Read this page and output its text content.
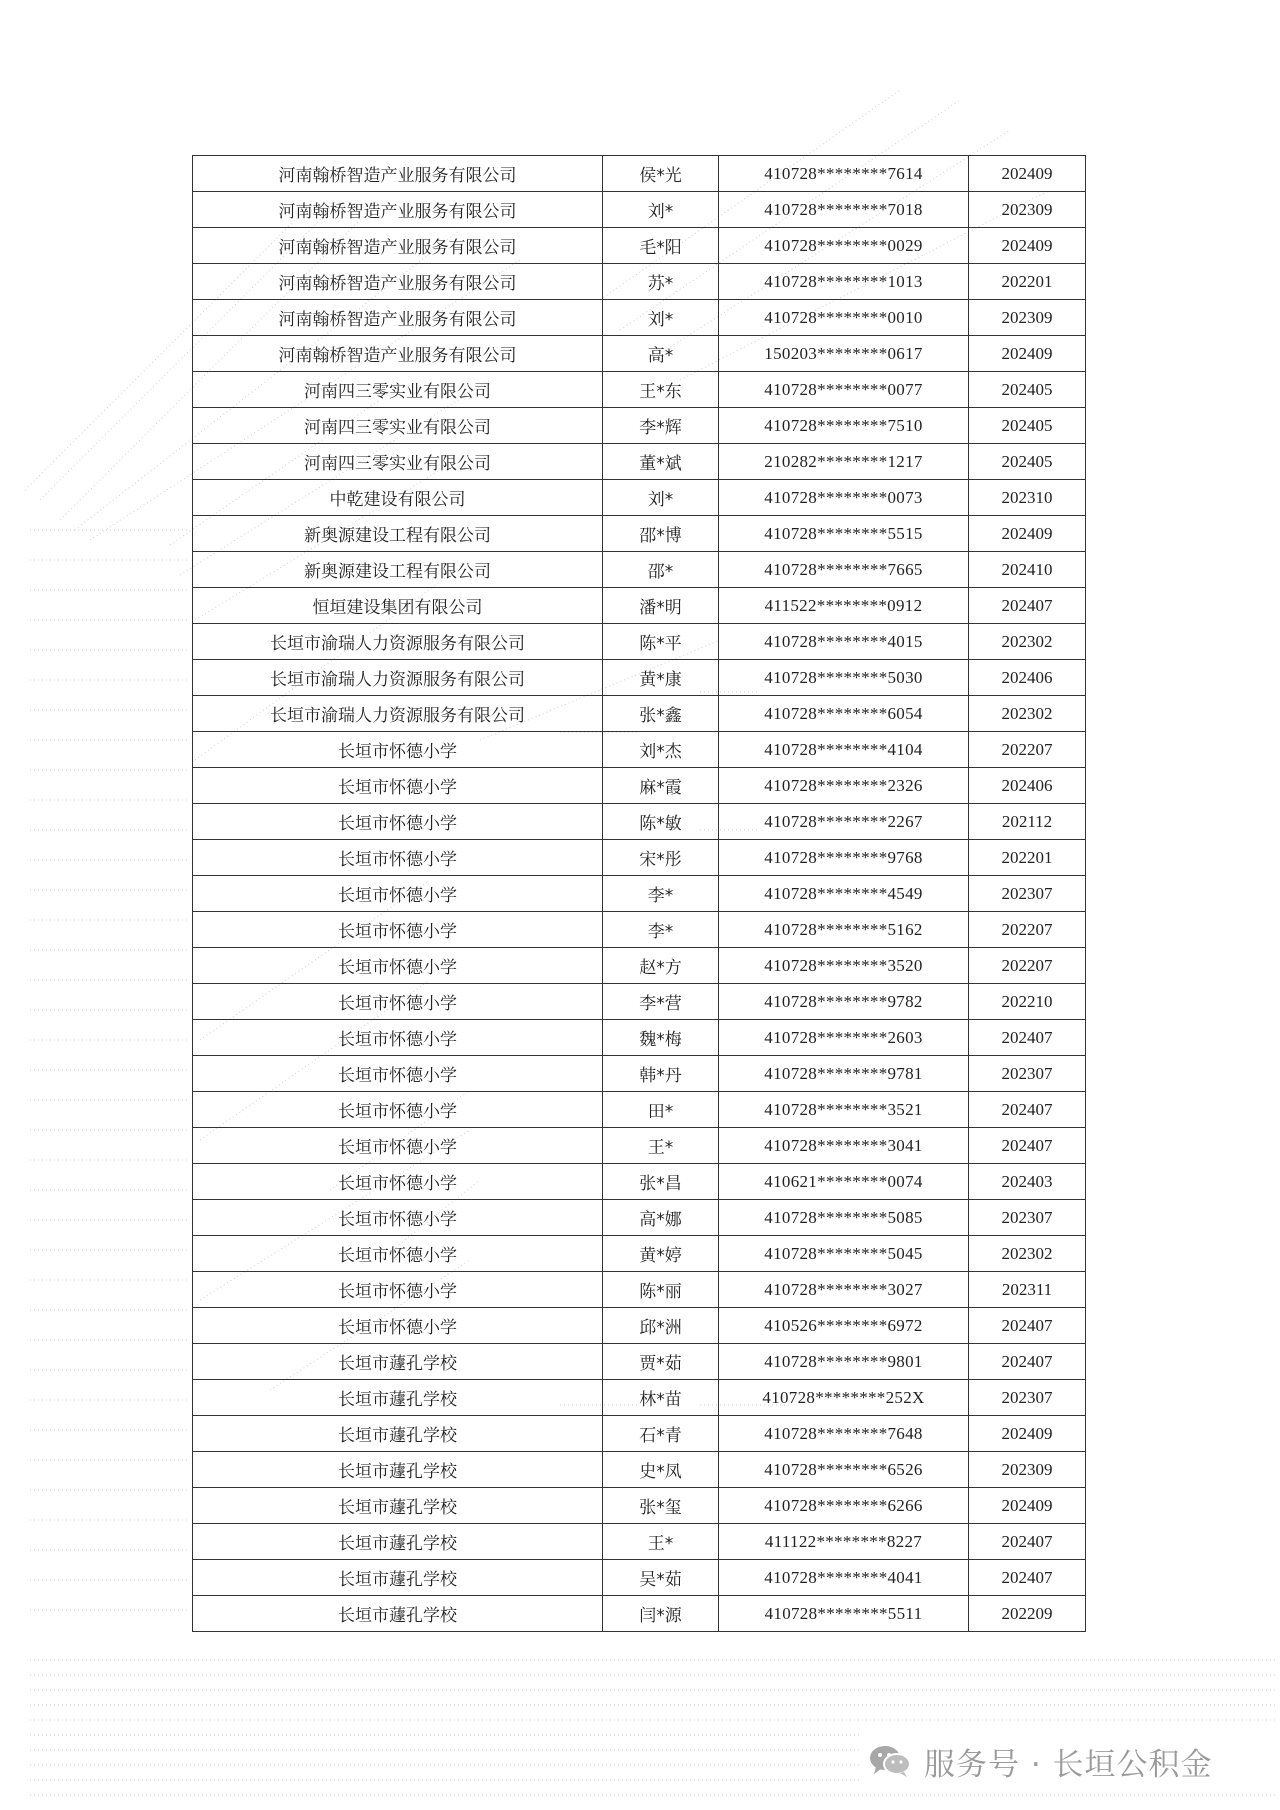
河南翰桥智造产业服务有限公司	侯*光	410728********7614	202409
河南翰桥智造产业服务有限公司	刘*	410728********7018	202309
河南翰桥智造产业服务有限公司	毛*阳	410728********0029	202409
河南翰桥智造产业服务有限公司	苏*	410728********1013	202201
河南翰桥智造产业服务有限公司	刘*	410728********0010	202309
河南翰桥智造产业服务有限公司	高*	150203********0617	202409
河南四三零实业有限公司	王*东	410728********0077	202405
河南四三零实业有限公司	李*辉	410728********7510	202405
河南四三零实业有限公司	董*斌	210282********1217	202405
中乾建设有限公司	刘*	410728********0073	202310
新奥源建设工程有限公司	邵*博	410728********5515	202409
新奥源建设工程有限公司	邵*	410728********7665	202410
恒垣建设集团有限公司	潘*明	411522********0912	202407
长垣市渝瑞人力资源服务有限公司	陈*平	410728********4015	202302
长垣市渝瑞人力资源服务有限公司	黄*康	410728********5030	202406
长垣市渝瑞人力资源服务有限公司	张*鑫	410728********6054	202302
长垣市怀德小学	刘*杰	410728********4104	202207
长垣市怀德小学	麻*霞	410728********2326	202406
长垣市怀德小学	陈*敏	410728********2267	202112
长垣市怀德小学	宋*彤	410728********9768	202201
长垣市怀德小学	李*	410728********4549	202307
长垣市怀德小学	李*	410728********5162	202207
长垣市怀德小学	赵*方	410728********3520	202207
长垣市怀德小学	李*营	410728********9782	202210
长垣市怀德小学	魏*梅	410728********2603	202407
长垣市怀德小学	韩*丹	410728********9781	202307
长垣市怀德小学	田*	410728********3521	202407
长垣市怀德小学	王*	410728********3041	202407
长垣市怀德小学	张*昌	410621********0074	202403
长垣市怀德小学	高*娜	410728********5085	202307
长垣市怀德小学	黄*婷	410728********5045	202302
长垣市怀德小学	陈*丽	410728********3027	202311
长垣市怀德小学	邱*洲	410526********6972	202407
长垣市蘧孔学校	贾*茹	410728********9801	202407
长垣市蘧孔学校	林*苗	410728********252X	202307
长垣市蘧孔学校	石*青	410728********7648	202409
长垣市蘧孔学校	史*凤	410728********6526	202309
长垣市蘧孔学校	张*玺	410728********6266	202409
长垣市蘧孔学校	王*	411122********8227	202407
长垣市蘧孔学校	吴*茹	410728********4041	202407
长垣市蘧孔学校	闫*源	410728********5511	202209
服务号 · 长垣公积金
